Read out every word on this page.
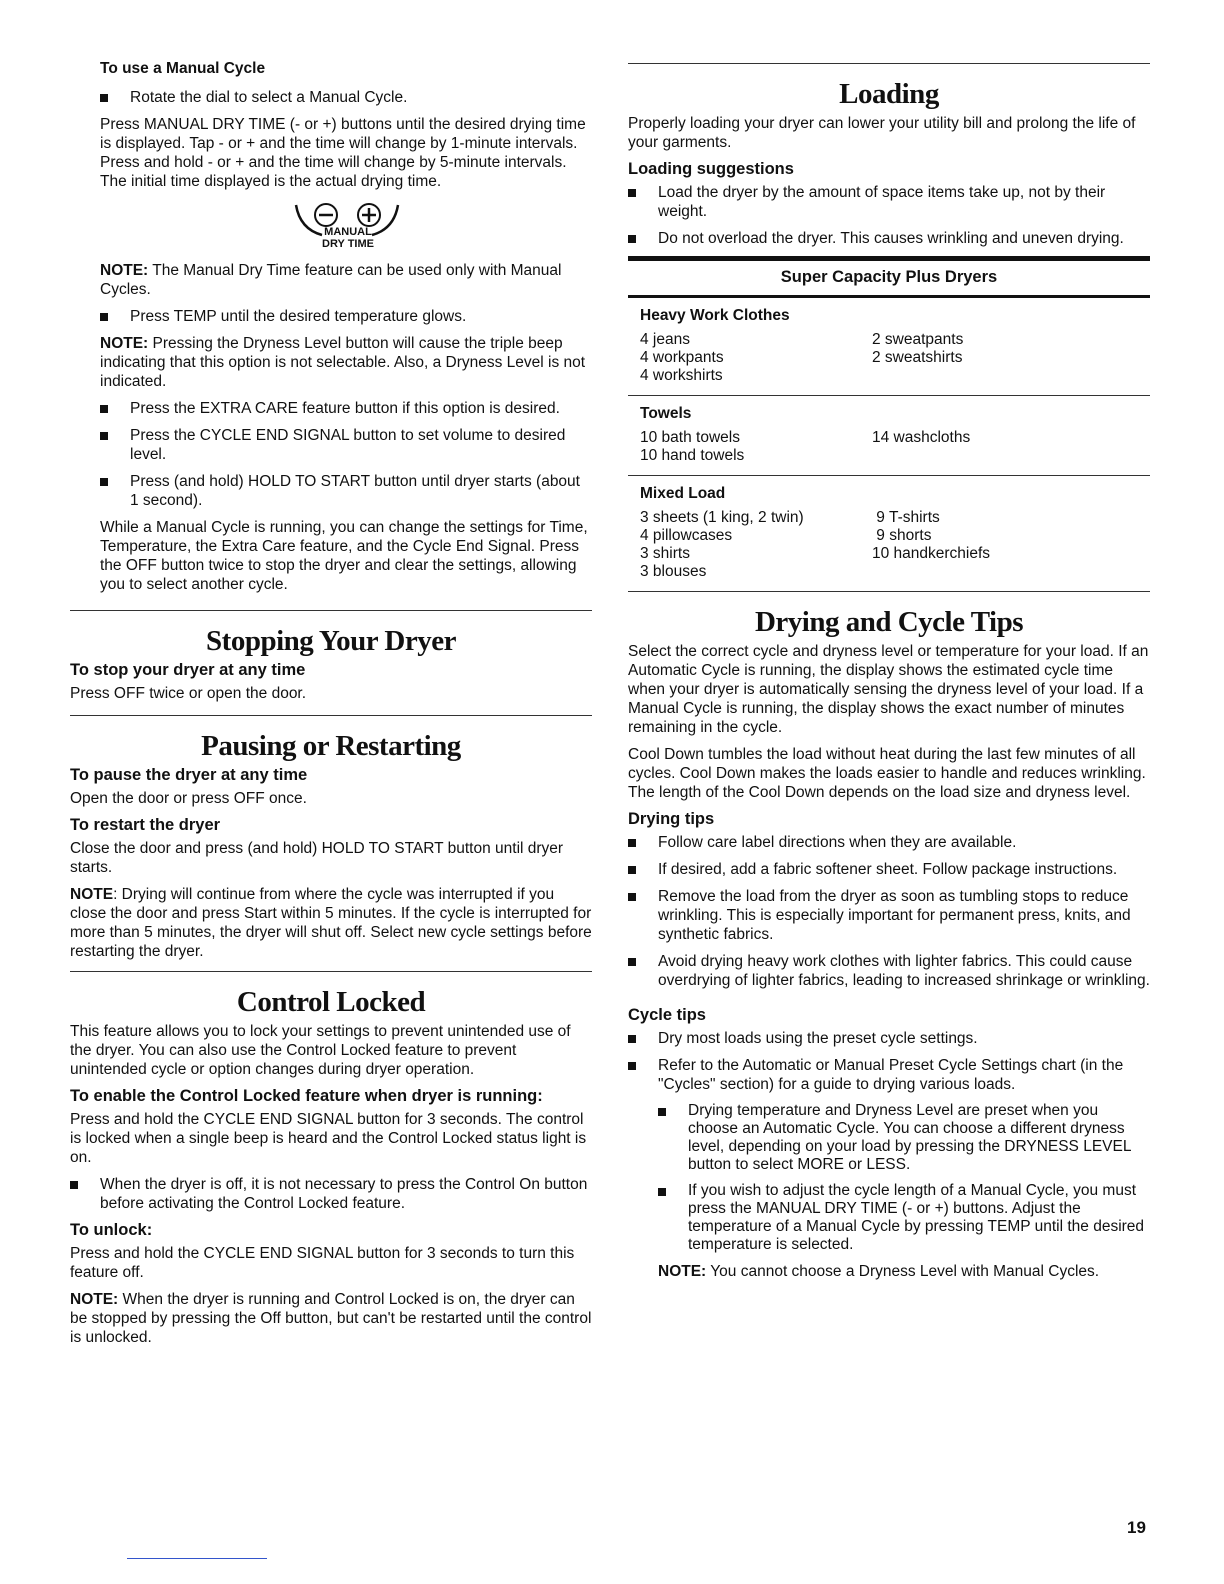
To use a Manual Cycle
Rotate the dial to select a Manual Cycle.

Press MANUAL DRY TIME (- or +) buttons until the desired drying time is displayed. Tap - or + and the time will change by 1-minute intervals. Press and hold - or + and the time will change by 5-minute intervals. The initial time displayed is the actual drying time.

MANUAL
DRY TIME

NOTE: The Manual Dry Time feature can be used only with Manual Cycles.

Press TEMP until the desired temperature glows.

NOTE: Pressing the Dryness Level button will cause the triple beep indicating that this option is not selectable. Also, a Dryness Level is not indicated.

Press the EXTRA CARE feature button if this option is desired.
Press the CYCLE END SIGNAL button to set volume to desired level.
Press (and hold) HOLD TO START button until dryer starts (about 1 second).

While a Manual Cycle is running, you can change the settings for Time, Temperature, the Extra Care feature, and the Cycle End Signal. Press the OFF button twice to stop the dryer and clear the settings, allowing you to select another cycle.

Stopping Your Dryer
To stop your dryer at any time

Press OFF twice or open the door.

Pausing or Restarting
To pause the dryer at any time

Open the door or press OFF once.

To restart the dryer

Close the door and press (and hold) HOLD TO START button until dryer starts.

NOTE: Drying will continue from where the cycle was interrupted if you close the door and press Start within 5 minutes. If the cycle is interrupted for more than 5 minutes, the dryer will shut off. Select new cycle settings before restarting the dryer.

Control Locked

This feature allows you to lock your settings to prevent unintended use of the dryer. You can also use the Control Locked feature to prevent unintended cycle or option changes during dryer operation.

To enable the Control Locked feature when dryer is running:

Press and hold the CYCLE END SIGNAL button for 3 seconds. The control is locked when a single beep is heard and the Control Locked status light is on.

When the dryer is off, it is not necessary to press the Control On button before activating the Control Locked feature.
To unlock:

Press and hold the CYCLE END SIGNAL button for 3 seconds to turn this feature off.

NOTE: When the dryer is running and Control Locked is on, the dryer can be stopped by pressing the Off button, but can't be restarted until the control is unlocked.

Loading

Properly loading your dryer can lower your utility bill and prolong the life of your garments.

Loading suggestions
Load the dryer by the amount of space items take up, not by their weight.
Do not overload the dryer. This causes wrinkling and uneven drying.
Super Capacity Plus Dryers
Heavy Work Clothes
4 jeans	2 sweatpants
4 workpants	2 sweatshirts
4 workshirts
Towels
10 bath towels	14 washcloths
10 hand towels
Mixed Load
3 sheets (1 king, 2 twin)	9 T-shirts
4 pillowcases	9 shorts
3 shirts	10 handkerchiefs
3 blouses
Drying and Cycle Tips

Select the correct cycle and dryness level or temperature for your load. If an Automatic Cycle is running, the display shows the estimated cycle time when your dryer is automatically sensing the dryness level of your load. If a Manual Cycle is running, the display shows the exact number of minutes remaining in the cycle.

Cool Down tumbles the load without heat during the last few minutes of all cycles. Cool Down makes the loads easier to handle and reduces wrinkling. The length of the Cool Down depends on the load size and dryness level.

Drying tips
Follow care label directions when they are available.
If desired, add a fabric softener sheet. Follow package instructions.
Remove the load from the dryer as soon as tumbling stops to reduce wrinkling. This is especially important for permanent press, knits, and synthetic fabrics.
Avoid drying heavy work clothes with lighter fabrics. This could cause overdrying of lighter fabrics, leading to increased shrinkage or wrinkling.
Cycle tips
Dry most loads using the preset cycle settings.
Refer to the Automatic or Manual Preset Cycle Settings chart (in the "Cycles" section) for a guide to drying various loads.
Drying temperature and Dryness Level are preset when you choose an Automatic Cycle. You can choose a different dryness level, depending on your load by pressing the DRYNESS LEVEL button to select MORE or LESS.
If you wish to adjust the cycle length of a Manual Cycle, you must press the MANUAL DRY TIME (- or +) buttons. Adjust the temperature of a Manual Cycle by pressing TEMP until the desired temperature is selected.

NOTE: You cannot choose a Dryness Level with Manual Cycles.

19
